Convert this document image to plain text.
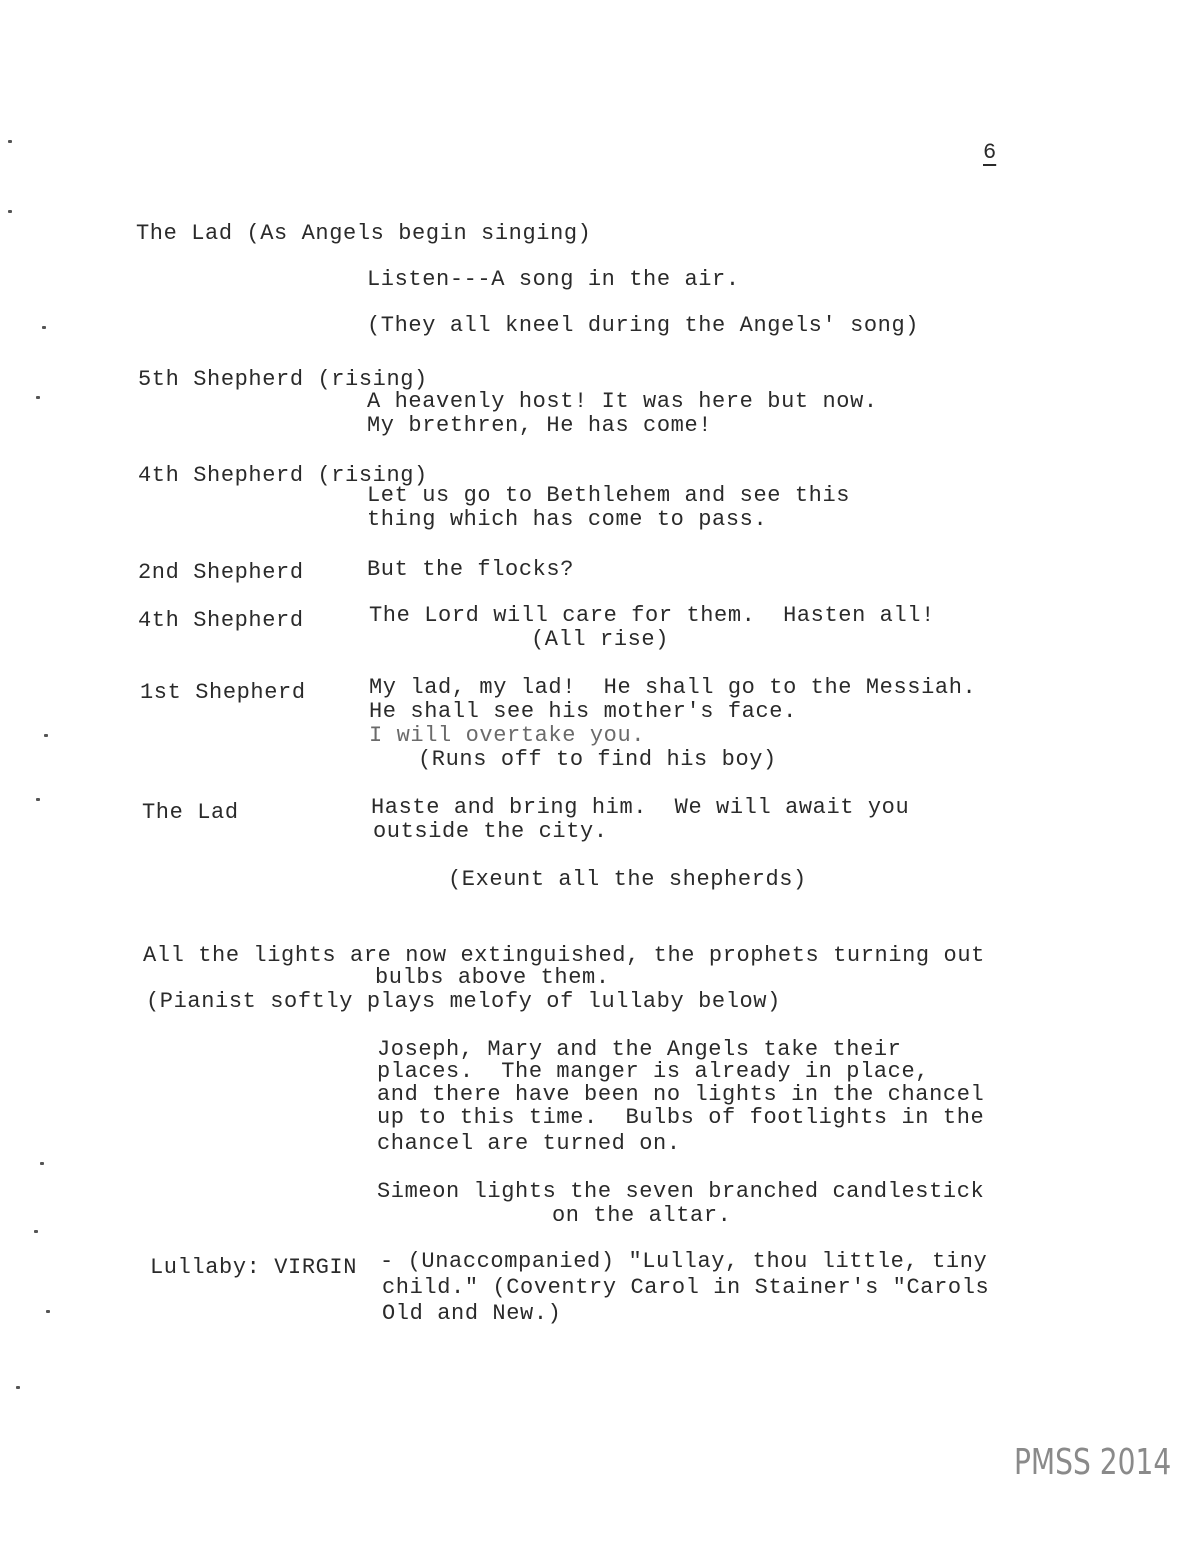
6
The Lad (As Angels begin singing)
Listen---A song in the air.
(They all kneel during the Angels' song)
5th Shepherd (rising)
A heavenly host! It was here but now.
My brethren, He has come!
4th Shepherd (rising)
Let us go to Bethlehem and see this
thing which has come to pass.
2nd Shepherd	But the flocks?
4th Shepherd	The Lord will care for them.  Hasten all!
(All rise)
1st Shepherd	My lad, my lad!  He shall go to the Messiah.
He shall see his mother's face.
I will overtake you.
(Runs off to find his boy)
The Lad	Haste and bring him.  We will await you
outside the city.
(Exeunt all the shepherds)
All the lights are now extinguished, the prophets turning out
bulbs above them.
(Pianist softly plays melofy of lullaby below)
Joseph, Mary and the Angels take their
places.  The manger is already in place,
and there have been no lights in the chancel
up to this time.  Bulbs of footlights in the
chancel are turned on.
Simeon lights the seven branched candlestick
on the altar.
Lullaby: VIRGIN - (Unaccompanied) "Lullay, thou little, tiny
child." (Coventry Carol in Stainer's "Carols
Old and New.)
PMSS 2014
